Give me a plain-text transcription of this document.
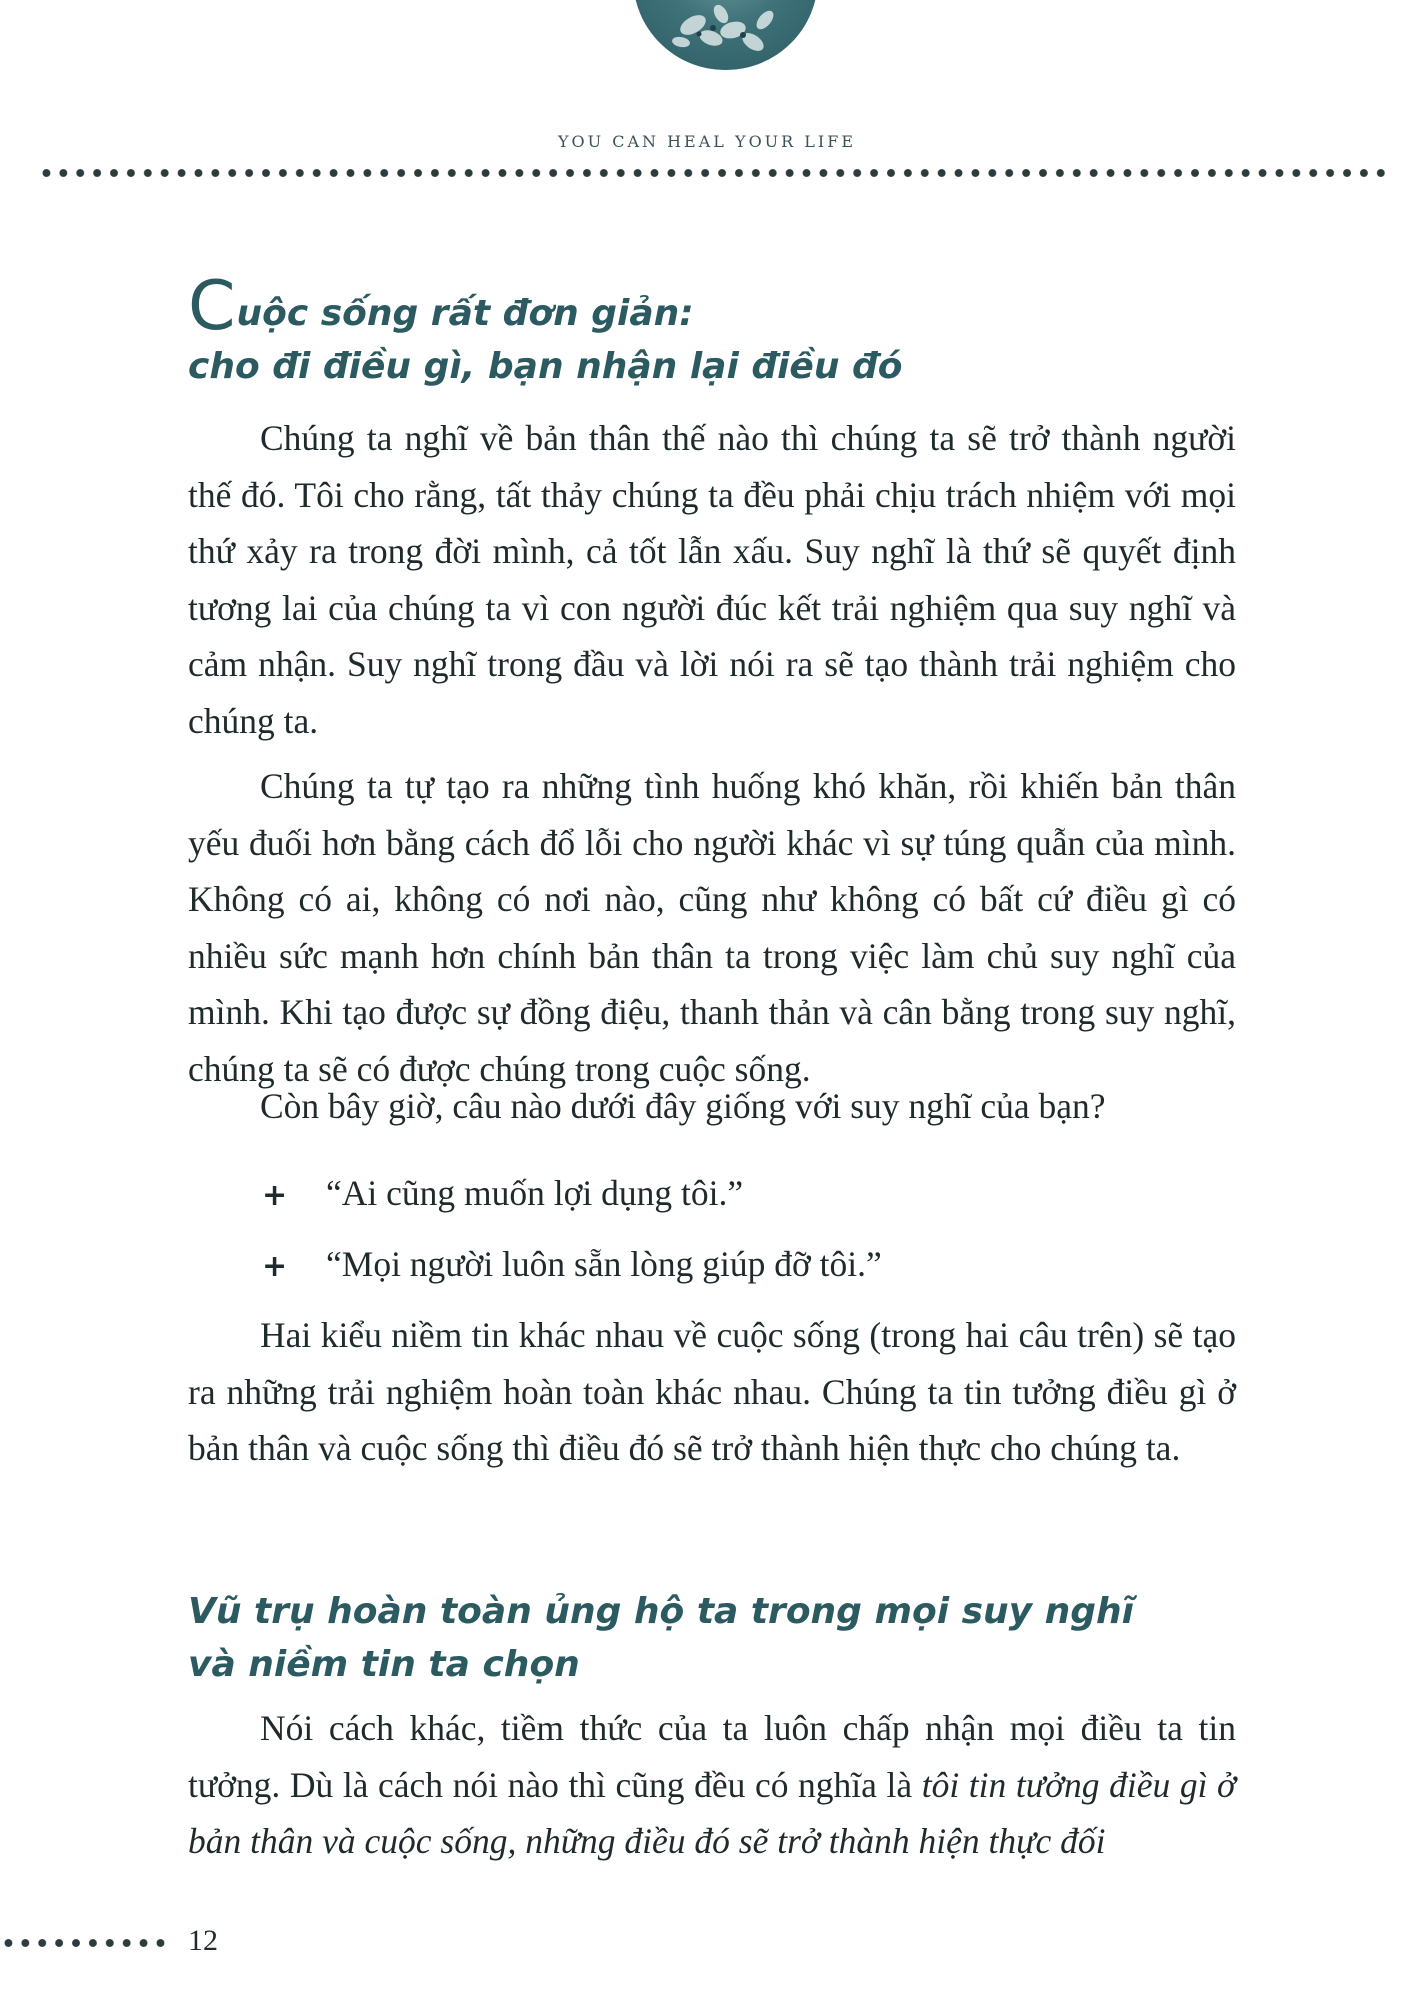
YOU CAN HEAL YOUR LIFE
Cuộc sống rất đơn giản:
cho đi điều gì, bạn nhận lại điều đó

Chúng ta nghĩ về bản thân thế nào thì chúng ta sẽ trở thành người thế đó. Tôi cho rằng, tất thảy chúng ta đều phải chịu trách nhiệm với mọi thứ xảy ra trong đời mình, cả tốt lẫn xấu. Suy nghĩ là thứ sẽ quyết định tương lai của chúng ta vì con người đúc kết trải nghiệm qua suy nghĩ và cảm nhận. Suy nghĩ trong đầu và lời nói ra sẽ tạo thành trải nghiệm cho chúng ta.

Chúng ta tự tạo ra những tình huống khó khăn, rồi khiến bản thân yếu đuối hơn bằng cách đổ lỗi cho người khác vì sự túng quẫn của mình. Không có ai, không có nơi nào, cũng như không có bất cứ điều gì có nhiều sức mạnh hơn chính bản thân ta trong việc làm chủ suy nghĩ của mình. Khi tạo được sự đồng điệu, thanh thản và cân bằng trong suy nghĩ, chúng ta sẽ có được chúng trong cuộc sống.

Còn bây giờ, câu nào dưới đây giống với suy nghĩ của bạn?

+ “Ai cũng muốn lợi dụng tôi.”
+ “Mọi người luôn sẵn lòng giúp đỡ tôi.”

Hai kiểu niềm tin khác nhau về cuộc sống (trong hai câu trên) sẽ tạo ra những trải nghiệm hoàn toàn khác nhau. Chúng ta tin tưởng điều gì ở bản thân và cuộc sống thì điều đó sẽ trở thành hiện thực cho chúng ta.

Vũ trụ hoàn toàn ủng hộ ta trong mọi suy nghĩ
và niềm tin ta chọn

Nói cách khác, tiềm thức của ta luôn chấp nhận mọi điều ta tin tưởng. Dù là cách nói nào thì cũng đều có nghĩa là tôi tin tưởng điều gì ở bản thân và cuộc sống, những điều đó sẽ trở thành hiện thực đối

12
